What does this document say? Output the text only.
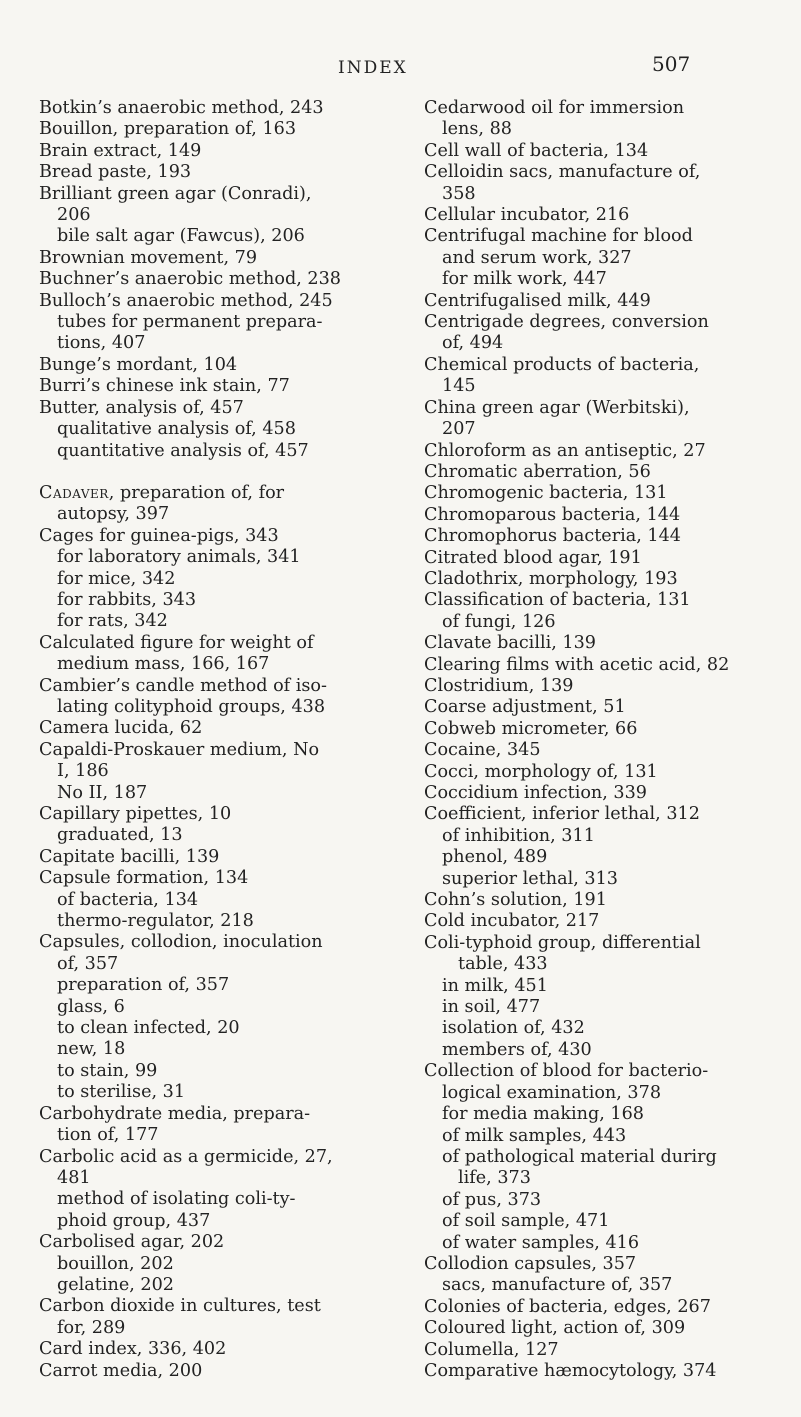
INDEX	507
Botkin’s anaerobic method, 243
Bouillon, preparation of, 163
Brain extract, 149
Bread paste, 193
Brilliant green agar (Conradi),
206
bile salt agar (Fawcus), 206
Brownian movement, 79
Buchner’s anaerobic method, 238
Bulloch’s anaerobic method, 245
tubes for permanent prepara-
tions, 407
Bunge’s mordant, 104
Burri’s chinese ink stain, 77
Butter, analysis of, 457
qualitative analysis of, 458
quantitative analysis of, 457
Cadaver, preparation of, for
autopsy, 397
Cages for guinea-pigs, 343
for laboratory animals, 341
for mice, 342
for rabbits, 343
for rats, 342
Calculated figure for weight of
medium mass, 166, 167
Cambier’s candle method of iso-
lating colityphoid groups, 438
Camera lucida, 62
Capaldi-Proskauer medium, No
I, 186
No II, 187
Capillary pipettes, 10
graduated, 13
Capitate bacilli, 139
Capsule formation, 134
of bacteria, 134
thermo-regulator, 218
Capsules, collodion, inoculation
of, 357
preparation of, 357
glass, 6
to clean infected, 20
new, 18
to stain, 99
to sterilise, 31
Carbohydrate media, prepara-
tion of, 177
Carbolic acid as a germicide, 27,
481
method of isolating coli-ty-
phoid group, 437
Carbolised agar, 202
bouillon, 202
gelatine, 202
Carbon dioxide in cultures, test
for, 289
Card index, 336, 402
Carrot media, 200
Cedarwood oil for immersion
lens, 88
Cell wall of bacteria, 134
Celloidin sacs, manufacture of,
358
Cellular incubator, 216
Centrifugal machine for blood
and serum work, 327
for milk work, 447
Centrifugalised milk, 449
Centrigade degrees, conversion
of, 494
Chemical products of bacteria,
145
China green agar (Werbitski),
207
Chloroform as an antiseptic, 27
Chromatic aberration, 56
Chromogenic bacteria, 131
Chromoparous bacteria, 144
Chromophorus bacteria, 144
Citrated blood agar, 191
Cladothrix, morphology, 193
Classification of bacteria, 131
of fungi, 126
Clavate bacilli, 139
Clearing films with acetic acid, 82
Clostridium, 139
Coarse adjustment, 51
Cobweb micrometer, 66
Cocaine, 345
Cocci, morphology of, 131
Coccidium infection, 339
Coefficient, inferior lethal, 312
of inhibition, 311
phenol, 489
superior lethal, 313
Cohn’s solution, 191
Cold incubator, 217
Coli-typhoid group, differential
table, 433
in milk, 451
in soil, 477
isolation of, 432
members of, 430
Collection of blood for bacterio-
logical examination, 378
for media making, 168
of milk samples, 443
of pathological material durirg
life, 373
of pus, 373
of soil sample, 471
of water samples, 416
Collodion capsules, 357
sacs, manufacture of, 357
Colonies of bacteria, edges, 267
Coloured light, action of, 309
Columella, 127
Comparative hæmocytology, 374
